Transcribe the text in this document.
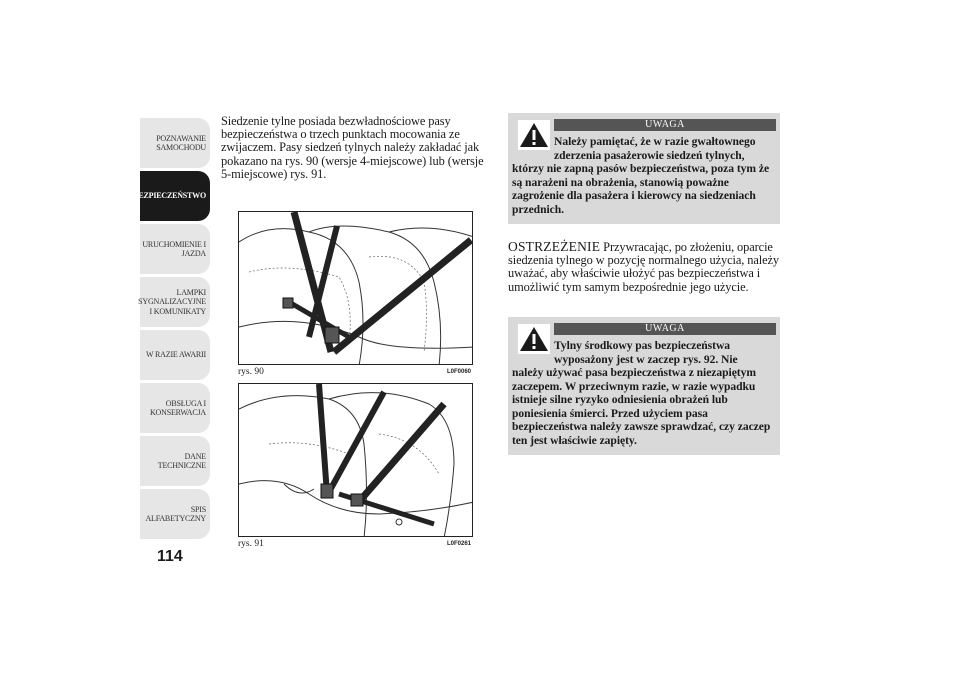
POZNAWANIE
SAMOCHODU
BEZPIECZEŃSTWO
URUCHOMIENIE I
JAZDA
LAMPKI
SYGNALIZACYJNE
I KOMUNIKATY
W RAZIE AWARII
OBSŁUGA I
KONSERWACJA
DANE
TECHNICZNE
SPIS
ALFABETYCZNY
114

Siedzenie tylne posiada bezwładnościowe pasy bezpieczeństwa o trzech punktach mocowania ze zwijaczem. Pasy siedzeń tylnych należy zakładać jak pokazano na rys. 90 (wersje 4-miejscowe) lub (wersje 5-miejscowe) rys. 91.

rys. 90	L0F0060
rys. 91	L0F0261
UWAGA

Należy pamiętać, że w razie gwałtownego
zderzenia pasażerowie siedzeń tylnych,
którzy nie zapną pasów bezpieczeństwa, poza tym że są narażeni na obrażenia, stanowią poważne zagrożenie dla pasażera i kierowcy na siedzeniach przednich.

OSTRZEŻENIE Przywracając, po złożeniu, oparcie siedzenia tylnego w pozycję normalnego użycia, należy uważać, aby właściwie ułożyć pas bezpieczeństwa i umożliwić tym samym bezpośrednie jego użycie.

UWAGA

Tylny środkowy pas bezpieczeństwa
wyposażony jest w zaczep rys. 92. Nie
należy używać pasa bezpieczeństwa z niezapiętym zaczepem. W przeciwnym razie, w razie wypadku istnieje silne ryzyko odniesienia obrażeń lub poniesienia śmierci. Przed użyciem pasa bezpieczeństwa należy zawsze sprawdzać, czy zaczep ten jest właściwie zapięty.
